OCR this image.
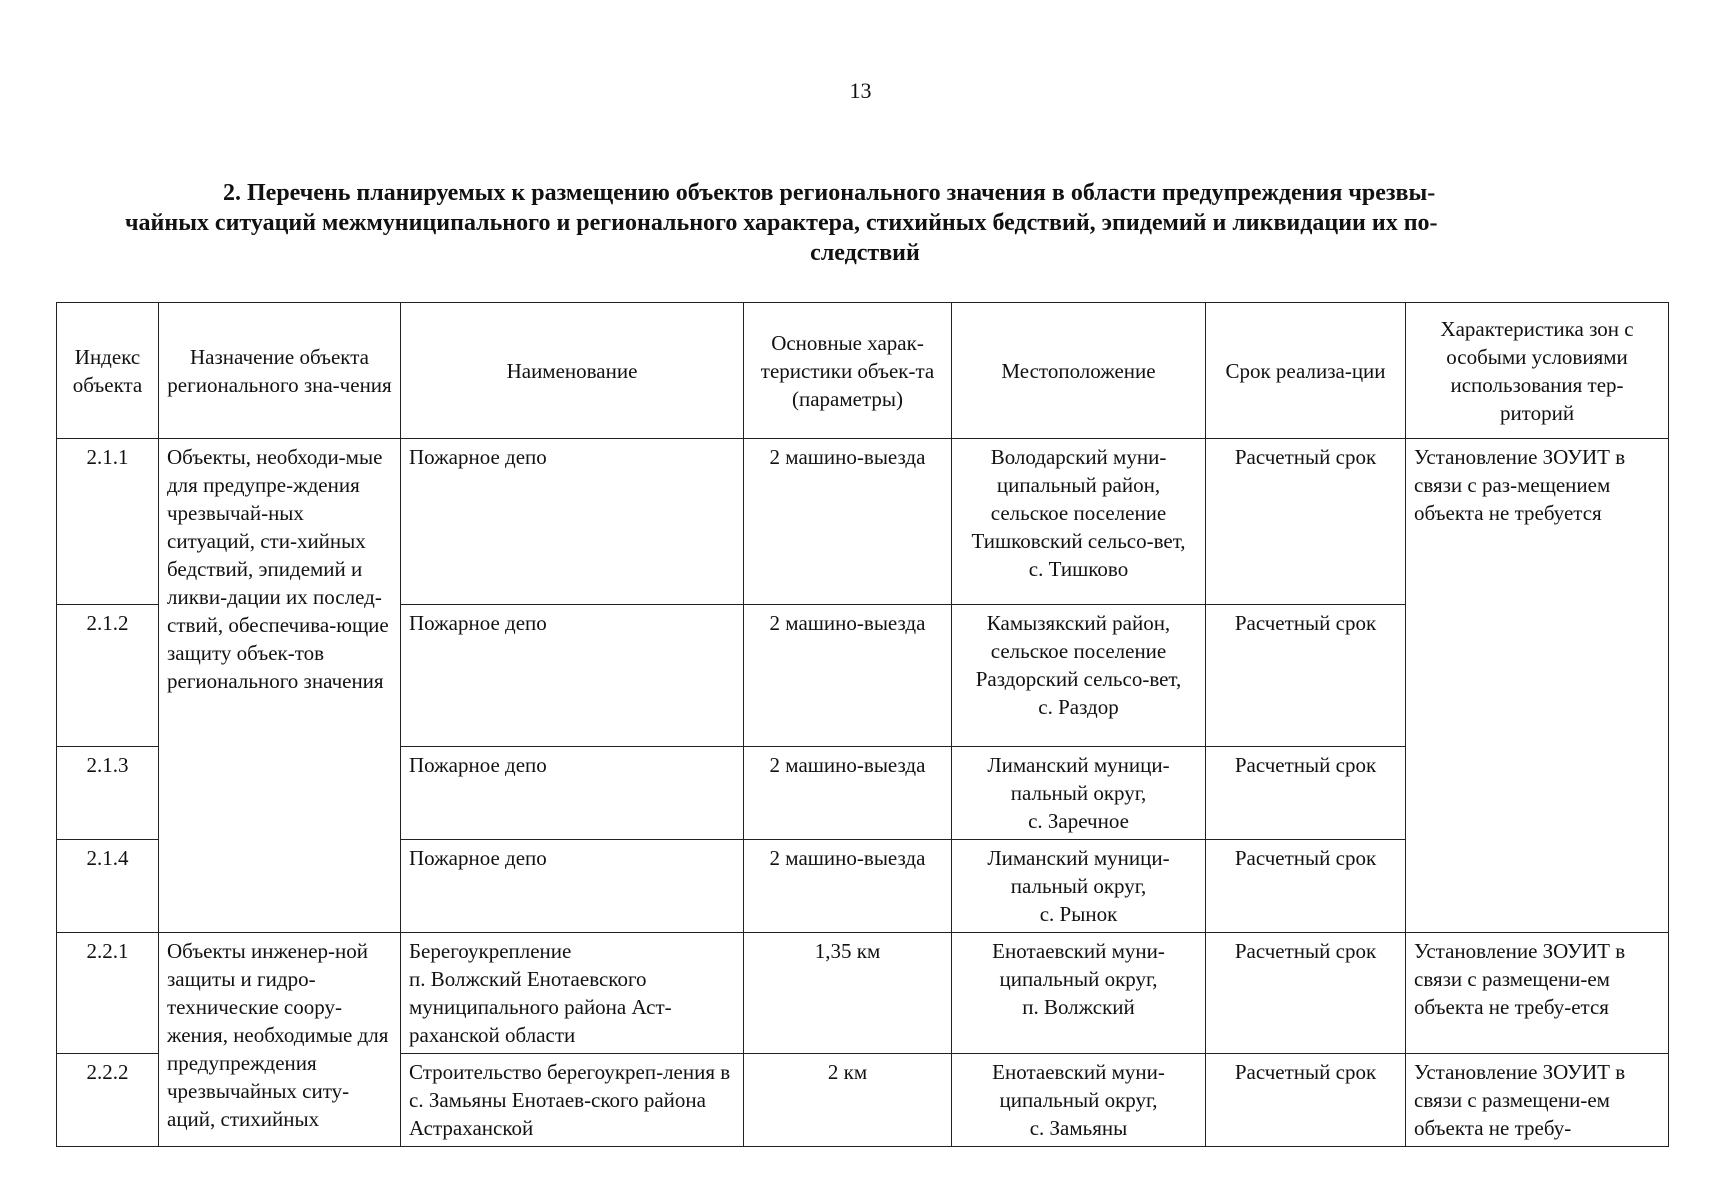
13
2. Перечень планируемых к размещению объектов регионального значения в области предупреждения чрезвы-
чайных ситуаций межмуниципального и регионального характера, стихийных бедствий, эпидемий и ликвидации их по-
следствий
Индекс объекта	Назначение объекта регионального зна-чения	Наименование	Основные харак-теристики объек-та (параметры)	Местоположение	Срок реализа-ции	Характеристика зон с особыми условиями использования тер-риторий
2.1.1	Объекты, необходи-мые для предупре-ждения чрезвычай-ных ситуаций, сти-хийных бедствий, эпидемий и ликви-дации их послед-ствий, обеспечива-ющие защиту объек-тов регионального значения	Пожарное депо	2 машино-выезда	Володарский муни-ципальный район,
сельское поселение
Тишковский сельсо-вет,
с. Тишково	Расчетный срок	Установление ЗОУИТ в связи с раз-мещением объекта не требуется
2.1.2		Пожарное депо	2 машино-выезда	Камызякский район,
сельское поселение
Раздорский сельсо-вет,
с. Раздор	Расчетный срок	
2.1.3		Пожарное депо	2 машино-выезда	Лиманский муници-пальный округ,
с. Заречное	Расчетный срок	
2.1.4		Пожарное депо	2 машино-выезда	Лиманский муници-пальный округ,
с. Рынок	Расчетный срок	
2.2.1	Объекты инженер-ной защиты и гидро-технические соору-жения, необходимые для предупреждения чрезвычайных ситу-аций, стихийных	Берегоукрепление
п. Волжский Енотаевского муниципального района Аст-раханской области	1,35 км	Енотаевский муни-ципальный округ,
п. Волжский	Расчетный срок	Установление ЗОУИТ в связи с размещени-ем объекта не требу-ется
2.2.2		Строительство берегоукреп-ления в с. Замьяны Енотаев-ского района Астраханской	2 км	Енотаевский муни-ципальный округ,
с. Замьяны	Расчетный срок	Установление ЗОУИТ в связи с размещени-ем объекта не требу-
